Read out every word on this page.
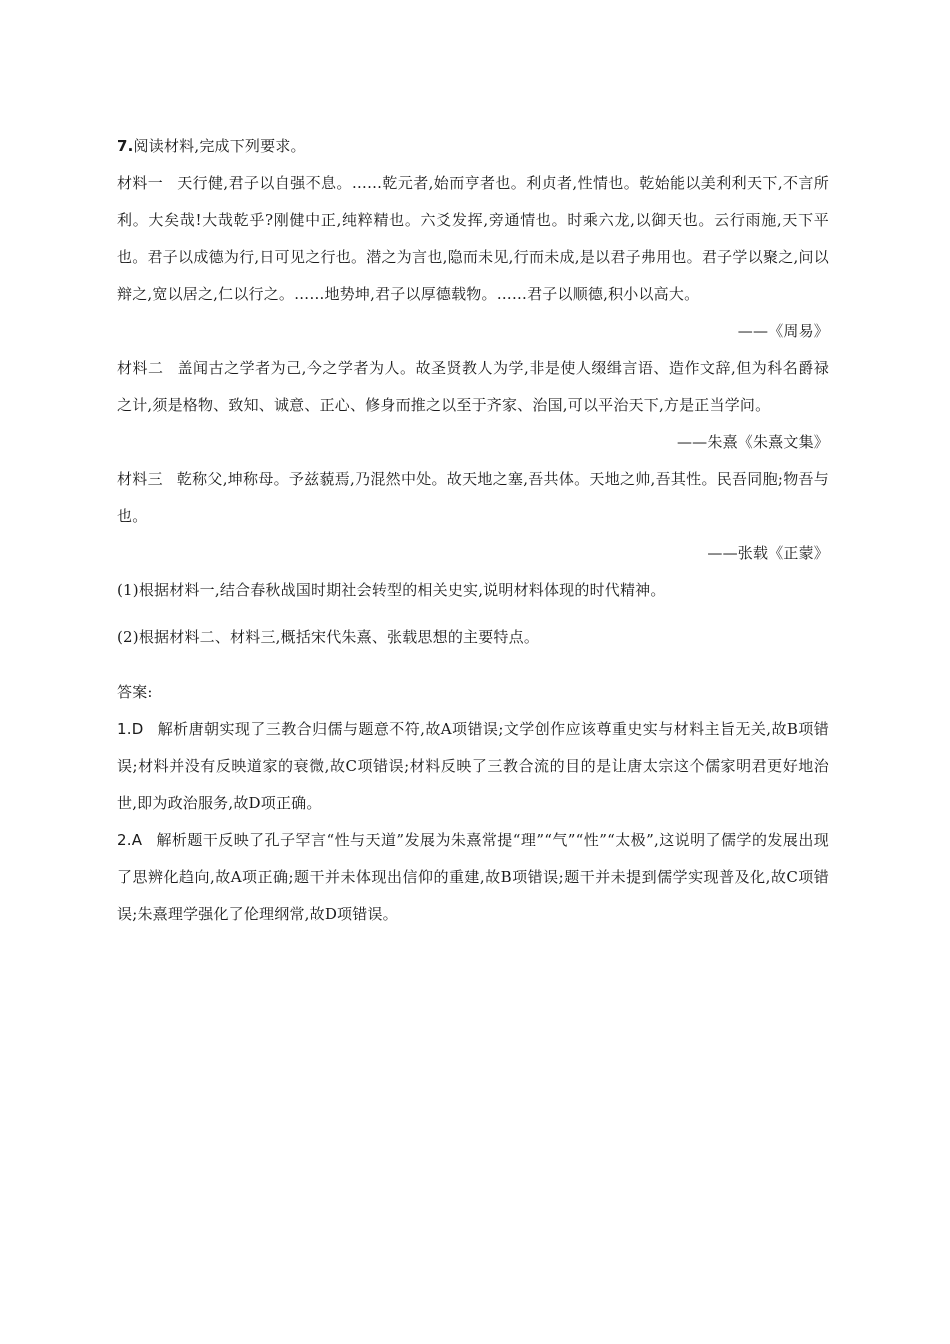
7.阅读材料,完成下列要求。

材料一 天行健,君子以自强不息。……乾元者,始而亨者也。利贞者,性情也。乾始能以美利利天下,不言所利。大矣哉!大哉乾乎?刚健中正,纯粹精也。六爻发挥,旁通情也。时乘六龙,以御天也。云行雨施,天下平也。君子以成德为行,日可见之行也。潜之为言也,隐而未见,行而未成,是以君子弗用也。君子学以聚之,问以辩之,宽以居之,仁以行之。……地势坤,君子以厚德载物。……君子以顺德,积小以高大。

——《周易》

材料二 盖闻古之学者为己,今之学者为人。故圣贤教人为学,非是使人缀缉言语、造作文辞,但为科名爵禄之计,须是格物、致知、诚意、正心、修身而推之以至于齐家、治国,可以平治天下,方是正当学问。

——朱熹《朱熹文集》

材料三 乾称父,坤称母。予兹藐焉,乃混然中处。故天地之塞,吾共体。天地之帅,吾其性。民吾同胞;物吾与也。

——张载《正蒙》

(1)根据材料一,结合春秋战国时期社会转型的相关史实,说明材料体现的时代精神。

(2)根据材料二、材料三,概括宋代朱熹、张载思想的主要特点。

答案:

1.D 解析唐朝实现了三教合归儒与题意不符,故A项错误;文学创作应该尊重史实与材料主旨无关,故B项错误;材料并没有反映道家的衰微,故C项错误;材料反映了三教合流的目的是让唐太宗这个儒家明君更好地治世,即为政治服务,故D项正确。

2.A 解析题干反映了孔子罕言“性与天道”发展为朱熹常提“理”“气”“性”“太极”,这说明了儒学的发展出现了思辨化趋向,故A项正确;题干并未体现出信仰的重建,故B项错误;题干并未提到儒学实现普及化,故C项错误;朱熹理学强化了伦理纲常,故D项错误。
